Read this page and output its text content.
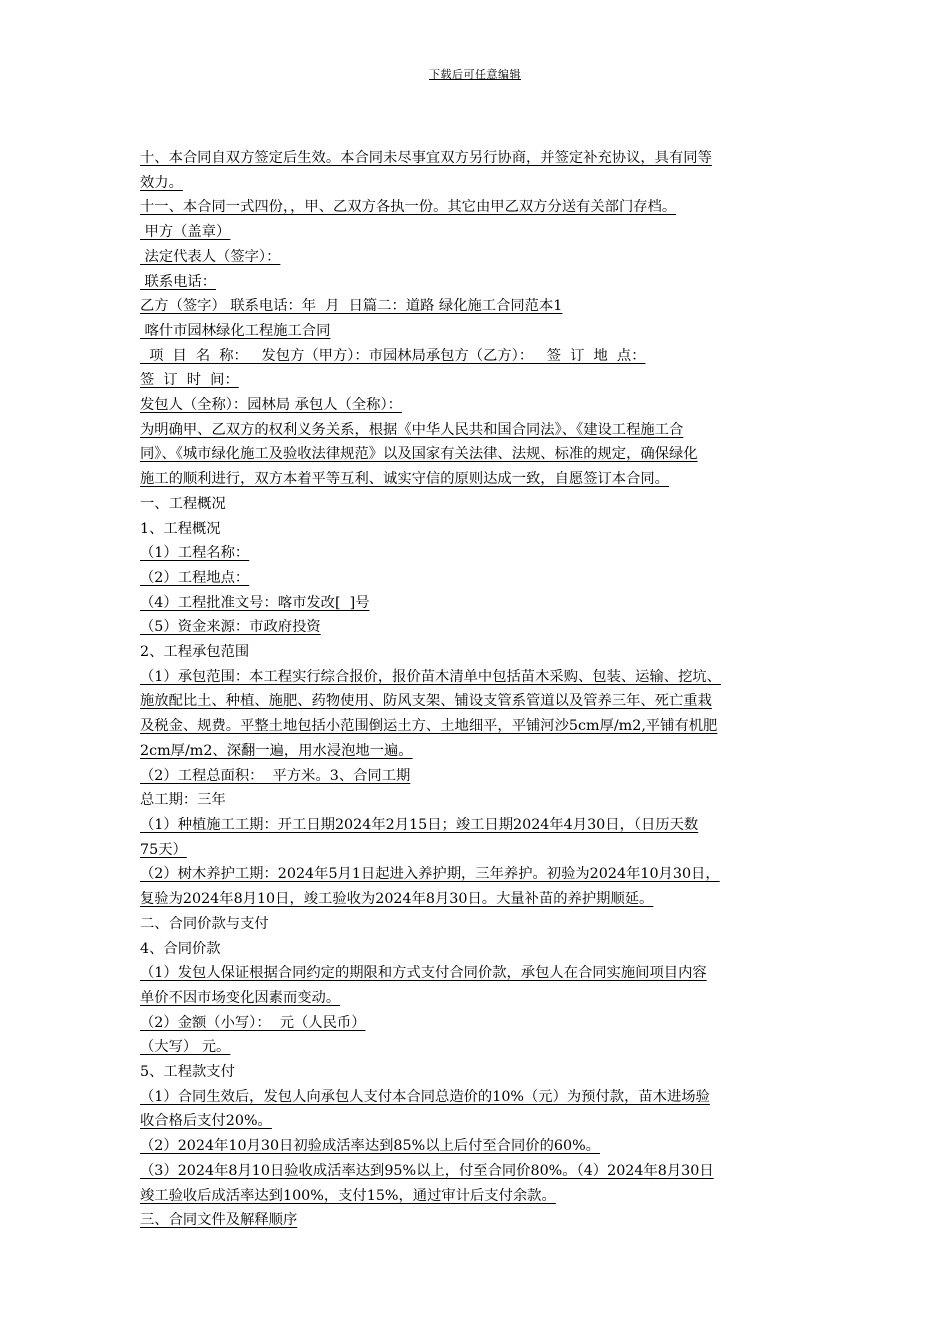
下载后可任意编辑

十、本合同自双方签定后生效。本合同未尽事宜双方另行协商，并签定补充协议，具有同等

效力。

十一、本合同一式四份，，甲、乙双方各执一份。其它由甲乙双方分送有关部门存档。

甲方（盖章）

法定代表人（签字）：

联系电话：

乙方（签字） 联系电话：年  月  日篇二：道路 绿化施工合同范本1

喀什市园林绿化工程施工合同

项  目  名  称：   发包方（甲方）：市园林局承包方（乙方）：   签  订  地  点：

签  订  时  间：

发包人（全称）：园林局 承包人（全称）：

为明确甲、乙双方的权利义务关系，根据《中华人民共和国合同法》、《建设工程施工合

同》、《城市绿化施工及验收法律规范》以及国家有关法律、法规、标准的规定，确保绿化

施工的顺利进行，双方本着平等互利、诚实守信的原则达成一致，自愿签订本合同。

一、工程概况

1、工程概况

（1）工程名称：

（2）工程地点：

（4）工程批准文号：喀市发改[  ]号

（5）资金来源：市政府投资

2、工程承包范围

（1）承包范围：本工程实行综合报价，报价苗木清单中包括苗木采购、包装、运输、挖坑、

施放配比土、种植、施肥、药物使用、防风支架、铺设支管系管道以及管养三年、死亡重栽

及税金、规费。平整土地包括小范围倒运土方、土地细平，平铺河沙5cm厚/m2,平铺有机肥

2cm厚/m2、深翻一遍，用水浸泡地一遍。

（2）工程总面积：  平方米。3、合同工期

总工期：三年

（1）种植施工工期：开工日期2024年2月15日；竣工日期2024年4月30日，（日历天数

75天）

（2）树木养护工期：2024年5月1日起进入养护期，三年养护。初验为2024年10月30日，

复验为2024年8月10日，竣工验收为2024年8月30日。大量补苗的养护期顺延。

二、合同价款与支付

4、合同价款

（1）发包人保证根据合同约定的期限和方式支付合同价款，承包人在合同实施间项目内容

单价不因市场变化因素而变动。

（2）金额（小写）：  元（人民币）

（大写） 元。

5、工程款支付

（1）合同生效后，发包人向承包人支付本合同总造价的10%（元）为预付款，苗木进场验

收合格后支付20%。

（2）2024年10月30日初验成活率达到85%以上后付至合同价的60%。

（3）2024年8月10日验收成活率达到95%以上，付至合同价80%。（4）2024年8月30日

竣工验收后成活率达到100%，支付15%，通过审计后支付余款。

三、合同文件及解释顺序
